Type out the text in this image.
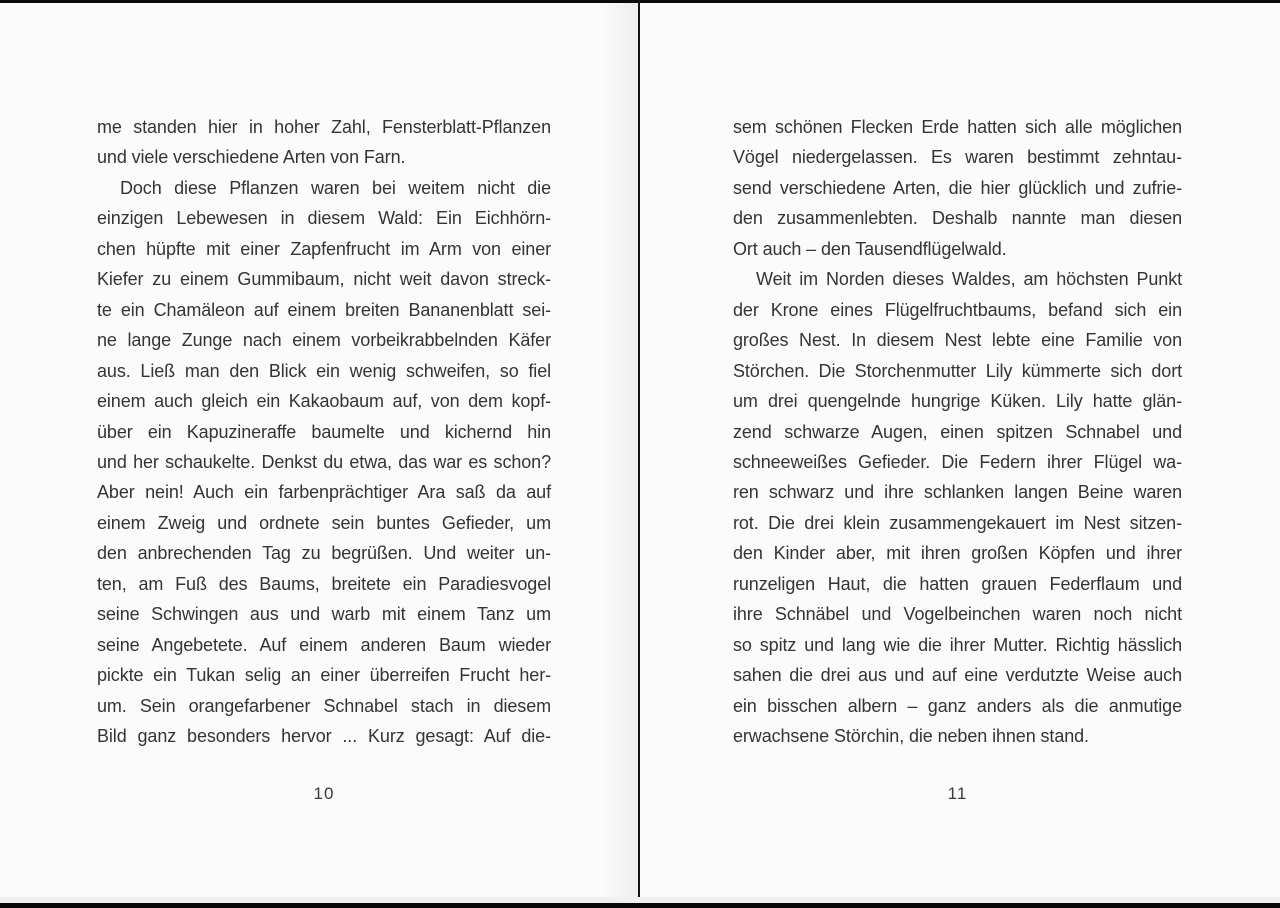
me standen hier in hoher Zahl, Fensterblatt-Pflanzen
und viele verschiedene Arten von Farn.
Doch diese Pflanzen waren bei weitem nicht die
einzigen Lebewesen in diesem Wald: Ein Eichhörn-
chen hüpfte mit einer Zapfenfrucht im Arm von einer
Kiefer zu einem Gummibaum, nicht weit davon streck-
te ein Chamäleon auf einem breiten Bananenblatt sei-
ne lange Zunge nach einem vorbeikrabbelnden Käfer
aus. Ließ man den Blick ein wenig schweifen, so fiel
einem auch gleich ein Kakaobaum auf, von dem kopf-
über ein Kapuzineraffe baumelte und kichernd hin
und her schaukelte. Denkst du etwa, das war es schon?
Aber nein! Auch ein farbenprächtiger Ara saß da auf
einem Zweig und ordnete sein buntes Gefieder, um
den anbrechenden Tag zu begrüßen. Und weiter un-
ten, am Fuß des Baums, breitete ein Paradiesvogel
seine Schwingen aus und warb mit einem Tanz um
seine Angebetete. Auf einem anderen Baum wieder
pickte ein Tukan selig an einer überreifen Frucht her-
um. Sein orangefarbener Schnabel stach in diesem
Bild ganz besonders hervor ... Kurz gesagt: Auf die-
10
sem schönen Flecken Erde hatten sich alle möglichen
Vögel niedergelassen. Es waren bestimmt zehntau-
send verschiedene Arten, die hier glücklich und zufrie-
den zusammenlebten. Deshalb nannte man diesen
Ort auch – den Tausendflügelwald.
Weit im Norden dieses Waldes, am höchsten Punkt
der Krone eines Flügelfruchtbaums, befand sich ein
großes Nest. In diesem Nest lebte eine Familie von
Störchen. Die Storchenmutter Lily kümmerte sich dort
um drei quengelnde hungrige Küken. Lily hatte glän-
zend schwarze Augen, einen spitzen Schnabel und
schneeweißes Gefieder. Die Federn ihrer Flügel wa-
ren schwarz und ihre schlanken langen Beine waren
rot. Die drei klein zusammengekauert im Nest sitzen-
den Kinder aber, mit ihren großen Köpfen und ihrer
runzeligen Haut, die hatten grauen Federflaum und
ihre Schnäbel und Vogelbeinchen waren noch nicht
so spitz und lang wie die ihrer Mutter. Richtig hässlich
sahen die drei aus und auf eine verdutzte Weise auch
ein bisschen albern – ganz anders als die anmutige
erwachsene Störchin, die neben ihnen stand.
11
